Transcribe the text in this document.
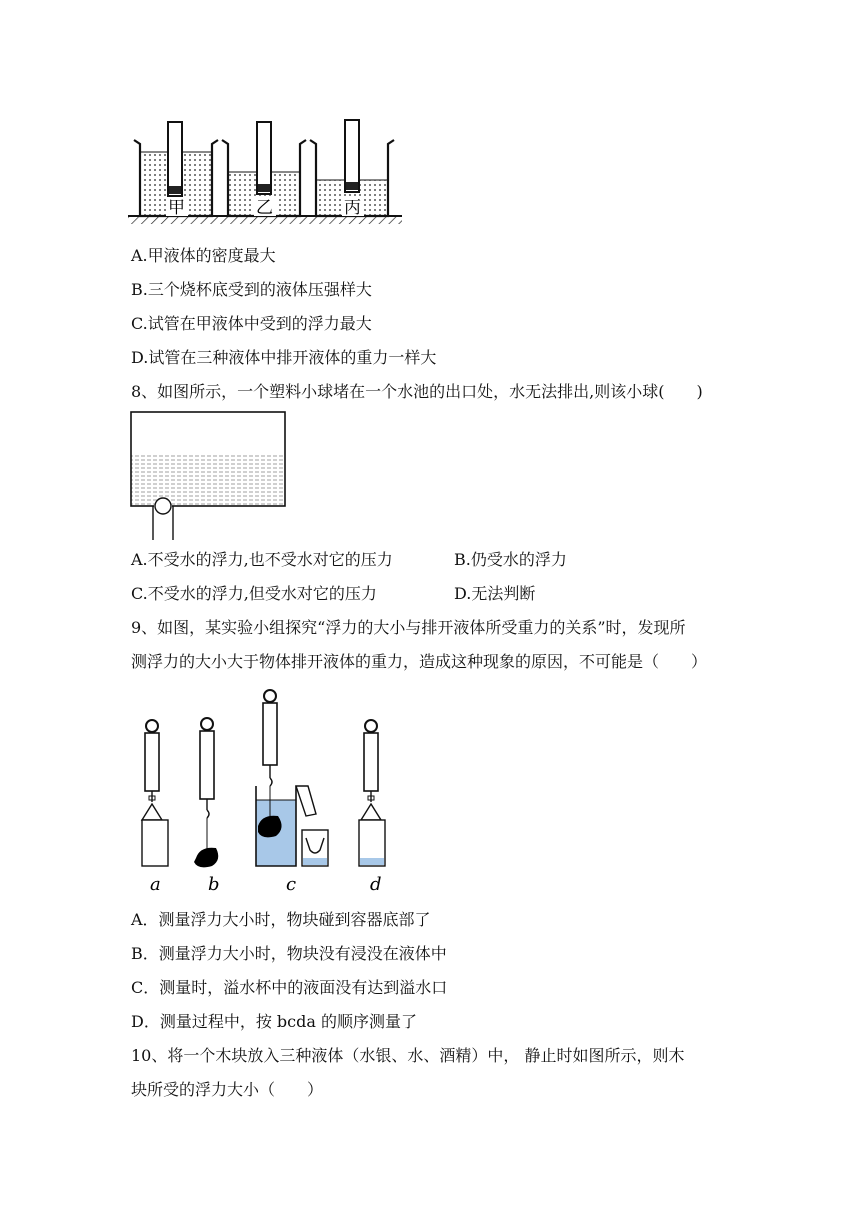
甲	乙	丙
A.甲液体的密度最大
B.三个烧杯底受到的液体压强样大
C.试管在甲液体中受到的浮力最大
D.试管在三种液体中排开液体的重力一样大
8、如图所示，一个塑料小球堵在一个水池的出口处，水无法排出,则该小球(　　)
A.不受水的浮力,也不受水对它的压力	B.仍受水的浮力
C.不受水的浮力,但受水对它的压力	D.无法判断
9、如图，某实验小组探究“浮力的大小与排开液体所受重力的关系”时，发现所
测浮力的大小大于物体排开液体的重力，造成这种现象的原因，不可能是（　　）
a	b	c	d
A．测量浮力大小时，物块碰到容器底部了
B．测量浮力大小时，物块没有浸没在液体中
C．测量时，溢水杯中的液面没有达到溢水口
D．测量过程中，按 bcda 的顺序测量了
10、将一个木块放入三种液体（水银、水、酒精）中， 静止时如图所示，则木
块所受的浮力大小（　　）
